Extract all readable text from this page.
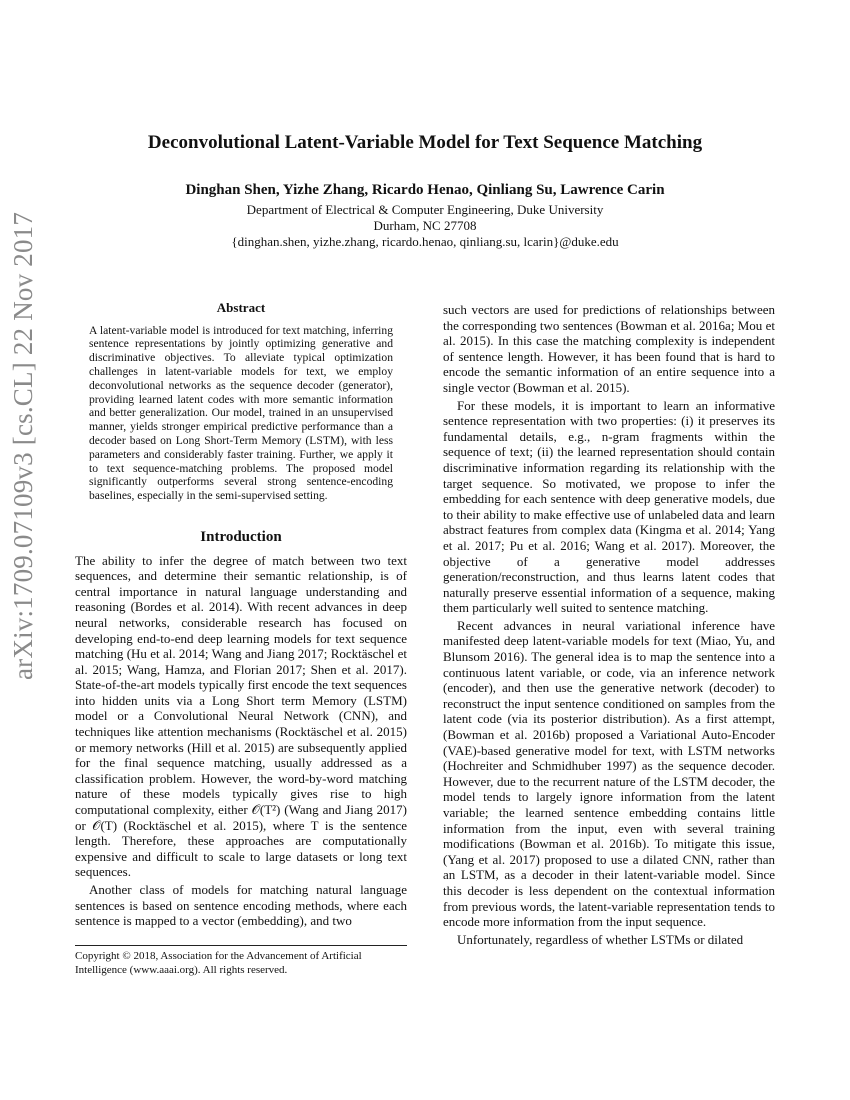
arXiv:1709.07109v3 [cs.CL] 22 Nov 2017
Deconvolutional Latent-Variable Model for Text Sequence Matching
Dinghan Shen, Yizhe Zhang, Ricardo Henao, Qinliang Su, Lawrence Carin
Department of Electrical & Computer Engineering, Duke University
Durham, NC 27708
{dinghan.shen, yizhe.zhang, ricardo.henao, qinliang.su, lcarin}@duke.edu
Abstract

A latent-variable model is introduced for text matching, inferring sentence representations by jointly optimizing generative and discriminative objectives. To alleviate typical optimization challenges in latent-variable models for text, we employ deconvolutional networks as the sequence decoder (generator), providing learned latent codes with more semantic information and better generalization. Our model, trained in an unsupervised manner, yields stronger empirical predictive performance than a decoder based on Long Short-Term Memory (LSTM), with less parameters and considerably faster training. Further, we apply it to text sequence-matching problems. The proposed model significantly outperforms several strong sentence-encoding baselines, especially in the semi-supervised setting.

Introduction

The ability to infer the degree of match between two text sequences, and determine their semantic relationship, is of central importance in natural language understanding and reasoning (Bordes et al. 2014). With recent advances in deep neural networks, considerable research has focused on developing end-to-end deep learning models for text sequence matching (Hu et al. 2014; Wang and Jiang 2017; Rocktäschel et al. 2015; Wang, Hamza, and Florian 2017; Shen et al. 2017). State-of-the-art models typically first encode the text sequences into hidden units via a Long Short term Memory (LSTM) model or a Convolutional Neural Network (CNN), and techniques like attention mechanisms (Rocktäschel et al. 2015) or memory networks (Hill et al. 2015) are subsequently applied for the final sequence matching, usually addressed as a classification problem. However, the word-by-word matching nature of these models typically gives rise to high computational complexity, either 𝒪(T²) (Wang and Jiang 2017) or 𝒪(T) (Rocktäschel et al. 2015), where T is the sentence length. Therefore, these approaches are computationally expensive and difficult to scale to large datasets or long text sequences.

Another class of models for matching natural language sentences is based on sentence encoding methods, where each sentence is mapped to a vector (embedding), and two

Copyright © 2018, Association for the Advancement of Artificial Intelligence (www.aaai.org). All rights reserved.

such vectors are used for predictions of relationships between the corresponding two sentences (Bowman et al. 2016a; Mou et al. 2015). In this case the matching complexity is independent of sentence length. However, it has been found that is hard to encode the semantic information of an entire sequence into a single vector (Bowman et al. 2015).

For these models, it is important to learn an informative sentence representation with two properties: (i) it preserves its fundamental details, e.g., n-gram fragments within the sequence of text; (ii) the learned representation should contain discriminative information regarding its relationship with the target sequence. So motivated, we propose to infer the embedding for each sentence with deep generative models, due to their ability to make effective use of unlabeled data and learn abstract features from complex data (Kingma et al. 2014; Yang et al. 2017; Pu et al. 2016; Wang et al. 2017). Moreover, the objective of a generative model addresses generation/reconstruction, and thus learns latent codes that naturally preserve essential information of a sequence, making them particularly well suited to sentence matching.

Recent advances in neural variational inference have manifested deep latent-variable models for text (Miao, Yu, and Blunsom 2016). The general idea is to map the sentence into a continuous latent variable, or code, via an inference network (encoder), and then use the generative network (decoder) to reconstruct the input sentence conditioned on samples from the latent code (via its posterior distribution). As a first attempt, (Bowman et al. 2016b) proposed a Variational Auto-Encoder (VAE)-based generative model for text, with LSTM networks (Hochreiter and Schmidhuber 1997) as the sequence decoder. However, due to the recurrent nature of the LSTM decoder, the model tends to largely ignore information from the latent variable; the learned sentence embedding contains little information from the input, even with several training modifications (Bowman et al. 2016b). To mitigate this issue, (Yang et al. 2017) proposed to use a dilated CNN, rather than an LSTM, as a decoder in their latent-variable model. Since this decoder is less dependent on the contextual information from previous words, the latent-variable representation tends to encode more information from the input sequence.

Unfortunately, regardless of whether LSTMs or dilated
